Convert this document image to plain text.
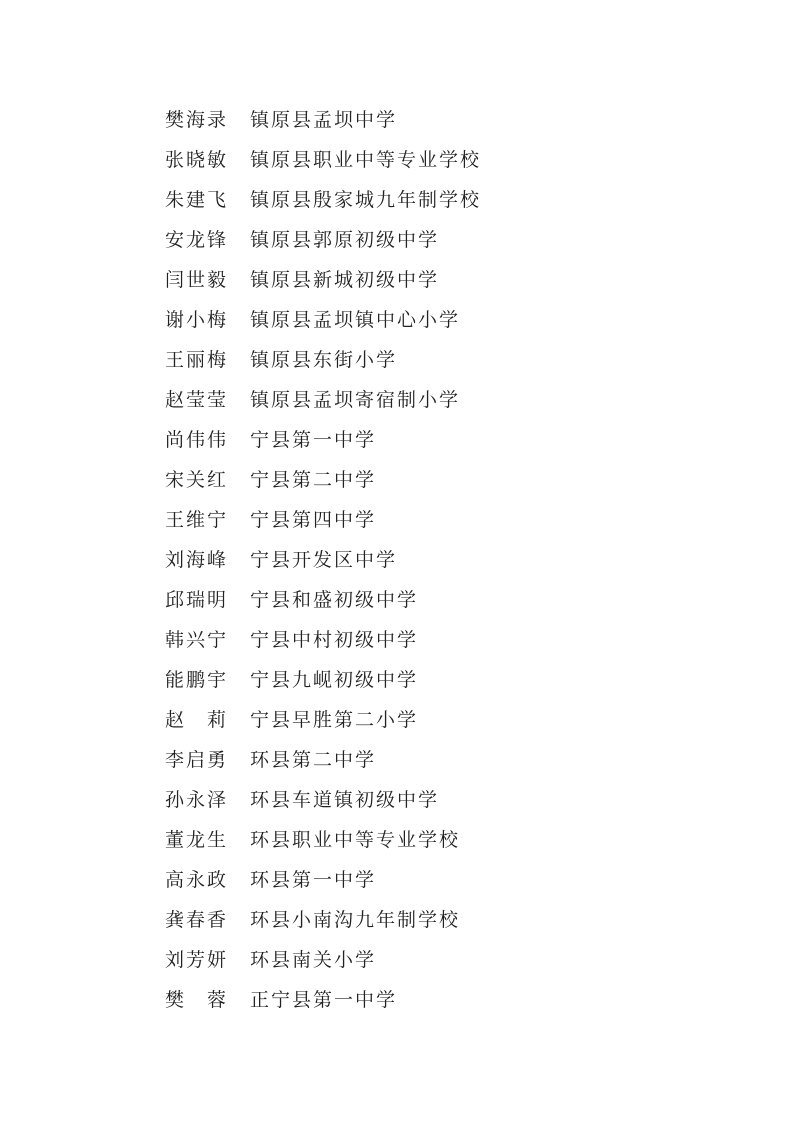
樊海录	镇原县孟坝中学
张晓敏	镇原县职业中等专业学校
朱建飞	镇原县殷家城九年制学校
安龙锋	镇原县郭原初级中学
闫世毅	镇原县新城初级中学
谢小梅	镇原县孟坝镇中心小学
王丽梅	镇原县东街小学
赵莹莹	镇原县孟坝寄宿制小学
尚伟伟	宁县第一中学
宋关红	宁县第二中学
王维宁	宁县第四中学
刘海峰	宁县开发区中学
邱瑞明	宁县和盛初级中学
韩兴宁	宁县中村初级中学
能鹏宇	宁县九岘初级中学
赵　莉	宁县早胜第二小学
李启勇	环县第二中学
孙永泽	环县车道镇初级中学
董龙生	环县职业中等专业学校
高永政	环县第一中学
龚春香	环县小南沟九年制学校
刘芳妍	环县南关小学
樊　蓉	正宁县第一中学
